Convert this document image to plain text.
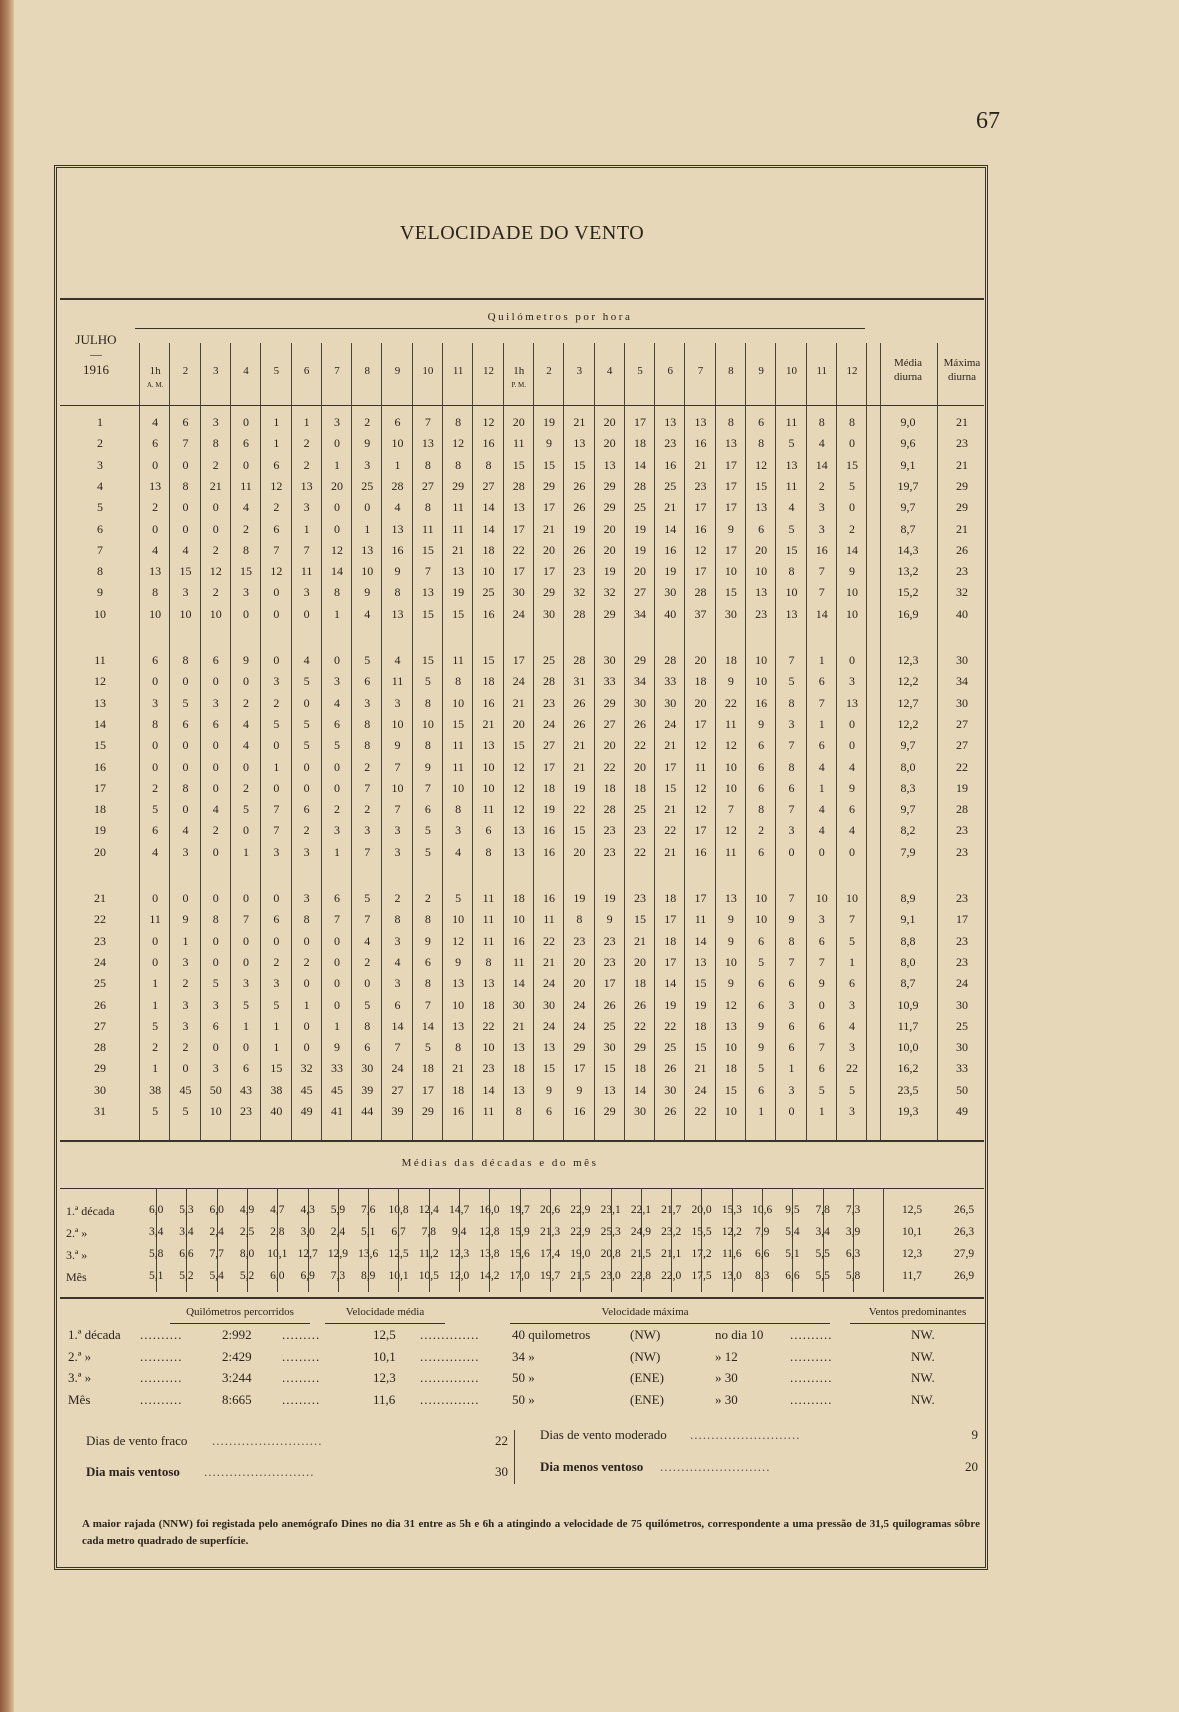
67
VELOCIDADE DO VENTO
JULHO
1916
—
Quilómetros por hora
1h	2	3	4	5	6	7	8	9	10	11	12	1h	2	3	4	5	6	7	8	9	10	11	12
A. M.	P. M.
Média
diurna
Máxima
diurna
1	4	6	3	0	1	1	3	2	6	7	8	12	20	19	21	20	17	13	13	8	6	11	8	8	9,0	21
2	6	7	8	6	1	2	0	9	10	13	12	16	11	9	13	20	18	23	16	13	8	5	4	0	9,6	23
3	0	0	2	0	6	2	1	3	1	8	8	8	15	15	15	13	14	16	21	17	12	13	14	15	9,1	21
4	13	8	21	11	12	13	20	25	28	27	29	27	28	29	26	29	28	25	23	17	15	11	2	5	19,7	29
5	2	0	0	4	2	3	0	0	4	8	11	14	13	17	26	29	25	21	17	17	13	4	3	0	9,7	29
6	0	0	0	2	6	1	0	1	13	11	11	14	17	21	19	20	19	14	16	9	6	5	3	2	8,7	21
7	4	4	2	8	7	7	12	13	16	15	21	18	22	20	26	20	19	16	12	17	20	15	16	14	14,3	26
8	13	15	12	15	12	11	14	10	9	7	13	10	17	17	23	19	20	19	17	10	10	8	7	9	13,2	23
9	8	3	2	3	0	3	8	9	8	13	19	25	30	29	32	32	27	30	28	15	13	10	7	10	15,2	32
10	10	10	10	0	0	0	1	4	13	15	15	16	24	30	28	29	34	40	37	30	23	13	14	10	16,9	40
11	6	8	6	9	0	4	0	5	4	15	11	15	17	25	28	30	29	28	20	18	10	7	1	0	12,3	30
12	0	0	0	0	3	5	3	6	11	5	8	18	24	28	31	33	34	33	18	9	10	5	6	3	12,2	34
13	3	5	3	2	2	0	4	3	3	8	10	16	21	23	26	29	30	30	20	22	16	8	7	13	12,7	30
14	8	6	6	4	5	5	6	8	10	10	15	21	20	24	26	27	26	24	17	11	9	3	1	0	12,2	27
15	0	0	0	4	0	5	5	8	9	8	11	13	15	27	21	20	22	21	12	12	6	7	6	0	9,7	27
16	0	0	0	0	1	0	0	2	7	9	11	10	12	17	21	22	20	17	11	10	6	8	4	4	8,0	22
17	2	8	0	2	0	0	0	7	10	7	10	10	12	18	19	18	18	15	12	10	6	6	1	9	8,3	19
18	5	0	4	5	7	6	2	2	7	6	8	11	12	19	22	28	25	21	12	7	8	7	4	6	9,7	28
19	6	4	2	0	7	2	3	3	3	5	3	6	13	16	15	23	23	22	17	12	2	3	4	4	8,2	23
20	4	3	0	1	3	3	1	7	3	5	4	8	13	16	20	23	22	21	16	11	6	0	0	0	7,9	23
21	0	0	0	0	0	3	6	5	2	2	5	11	18	16	19	19	23	18	17	13	10	7	10	10	8,9	23
22	11	9	8	7	6	8	7	7	8	8	10	11	10	11	8	9	15	17	11	9	10	9	3	7	9,1	17
23	0	1	0	0	0	0	0	4	3	9	12	11	16	22	23	23	21	18	14	9	6	8	6	5	8,8	23
24	0	3	0	0	2	2	0	2	4	6	9	8	11	21	20	23	20	17	13	10	5	7	7	1	8,0	23
25	1	2	5	3	3	0	0	0	3	8	13	13	14	24	20	17	18	14	15	9	6	6	9	6	8,7	24
26	1	3	3	5	5	1	0	5	6	7	10	18	30	30	24	26	26	19	19	12	6	3	0	3	10,9	30
27	5	3	6	1	1	0	1	8	14	14	13	22	21	24	24	25	22	22	18	13	9	6	6	4	11,7	25
28	2	2	0	0	1	0	9	6	7	5	8	10	13	13	29	30	29	25	15	10	9	6	7	3	10,0	30
29	1	0	3	6	15	32	33	30	24	18	21	23	18	15	17	15	18	26	21	18	5	1	6	22	16,2	33
30	38	45	50	43	38	45	45	39	27	17	18	14	13	9	9	13	14	30	24	15	6	3	5	5	23,5	50
31	5	5	10	23	40	49	41	44	39	29	16	11	8	6	16	29	30	26	22	10	1	0	1	3	19,3	49
Médias das décadas e do mês
1.ª década	6,0	5,3	6,0	4,9	4,7	4,3	5,9	7,6	10,8 12,4 14,7 16,0 19,7 20,6 22,9 23,1 22,1 21,7 20,0 15,3 10,6	9,5	7,8	7,3	12,5	26,5
2.ª »	3,4	3,4	2,4	2,5	2,8	3,0	2,4	5,1	6,7	7,8	9,4	12,8 15,9 21,3 22,9 25,3 24,9 23,2 15,5 12,2	7,9	5,4	3,4	3,9	10,1	26,3
3.ª »	5,8	6,6	7,7	8,0	10,1 12,7 12,9 13,6 12,5 11,2 12,3 13,8 15,6 17,4 19,0 20,8 21,5 21,1 17,2 11,6	6,6	5,1	5,5	6,3	12,3	27,9
Mês	5,1	5,2	5,4	5,2	6,0	6,9	7,3	8,9	10,1 10,5 12,0 14,2 17,0 19,7 21,5 23,0 22,8 22,0 17,5 13,0	8,3	6,6	5,5	5,8	11,7	26,9
Quilómetros percorridos	Velocidade média	Velocidade máxima	Ventos predominantes
1.ª década	..........	2:992	.........	12,5	..............	40 quilometros	(NW)	no dia 10	..........	NW.
2.ª »	..........	2:429	.........	10,1	..............	34 »	(NW)	» 12	..........	NW.
3.ª »	..........	3:244	.........	12,3	..............	50 »	(ENE)	» 30	..........	NW.
Mês	..........	8:665	.........	11,6	..............	50 »	(ENE)	» 30	..........	NW.
Dias de vento fraco ..........................	22 Dias de vento moderado ..........................	9
Dia mais ventoso ..........................	30 Dia menos ventoso ..........................	20
A maior rajada (NNW) foi registada pelo anemógrafo Dines no dia 31 entre as 5h e 6h a atingindo a velocidade de 75 quilómetros, correspondente a uma pressão de 31,5 quilogramas sôbre cada metro quadrado de superfície.
